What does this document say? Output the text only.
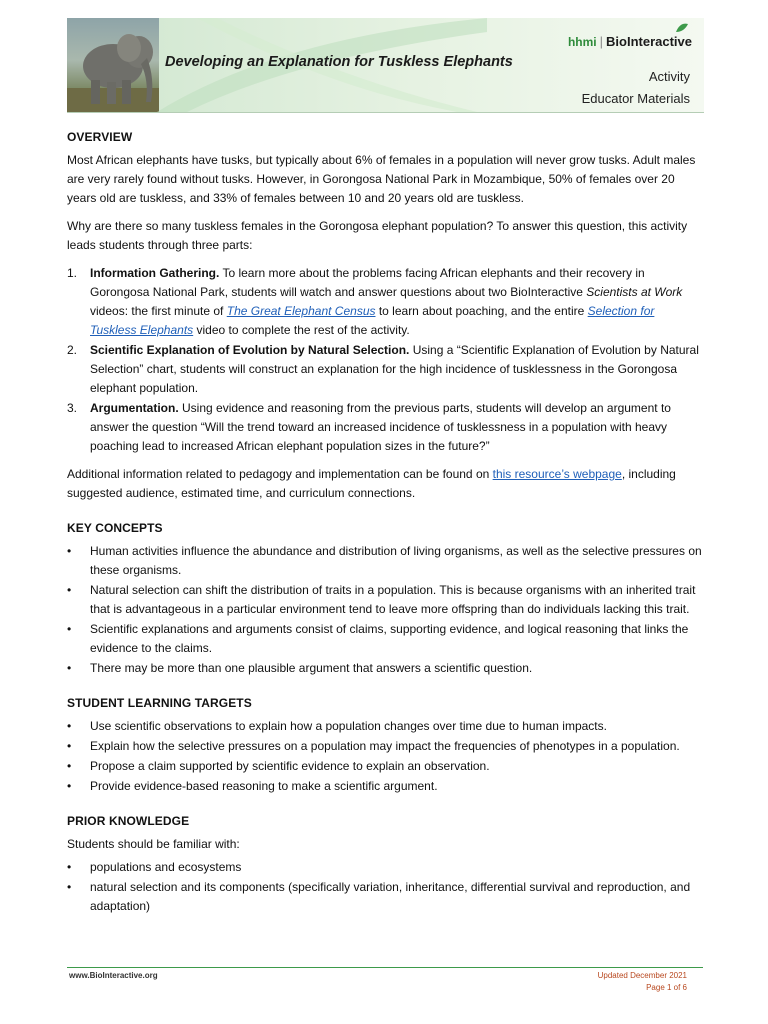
Developing an Explanation for Tuskless Elephants
hhmi | BioInteractive
Activity
Educator Materials
OVERVIEW

Most African elephants have tusks, but typically about 6% of females in a population will never grow tusks. Adult males are very rarely found without tusks. However, in Gorongosa National Park in Mozambique, 50% of females over 20 years old are tuskless, and 33% of females between 10 and 20 years old are tuskless.

Why are there so many tuskless females in the Gorongosa elephant population? To answer this question, this activity leads students through three parts:

1. Information Gathering. To learn more about the problems facing African elephants and their recovery in Gorongosa National Park, students will watch and answer questions about two BioInteractive Scientists at Work videos: the first minute of The Great Elephant Census to learn about poaching, and the entire Selection for Tuskless Elephants video to complete the rest of the activity.
2. Scientific Explanation of Evolution by Natural Selection. Using a “Scientific Explanation of Evolution by Natural Selection” chart, students will construct an explanation for the high incidence of tusklessness in the Gorongosa elephant population.
3. Argumentation. Using evidence and reasoning from the previous parts, students will develop an argument to answer the question “Will the trend toward an increased incidence of tusklessness in a population with heavy poaching lead to increased African elephant population sizes in the future?”

Additional information related to pedagogy and implementation can be found on this resource’s webpage, including suggested audience, estimated time, and curriculum connections.

KEY CONCEPTS
• Human activities influence the abundance and distribution of living organisms, as well as the selective pressures on these organisms.
• Natural selection can shift the distribution of traits in a population. This is because organisms with an inherited trait that is advantageous in a particular environment tend to leave more offspring than do individuals lacking this trait.
• Scientific explanations and arguments consist of claims, supporting evidence, and logical reasoning that links the evidence to the claims.
• There may be more than one plausible argument that answers a scientific question.
STUDENT LEARNING TARGETS
• Use scientific observations to explain how a population changes over time due to human impacts.
• Explain how the selective pressures on a population may impact the frequencies of phenotypes in a population.
• Propose a claim supported by scientific evidence to explain an observation.
• Provide evidence-based reasoning to make a scientific argument.
PRIOR KNOWLEDGE

Students should be familiar with:

• populations and ecosystems
• natural selection and its components (specifically variation, inheritance, differential survival and reproduction, and adaptation)
www.BioInteractive.org	Updated December 2021
Page 1 of 6
